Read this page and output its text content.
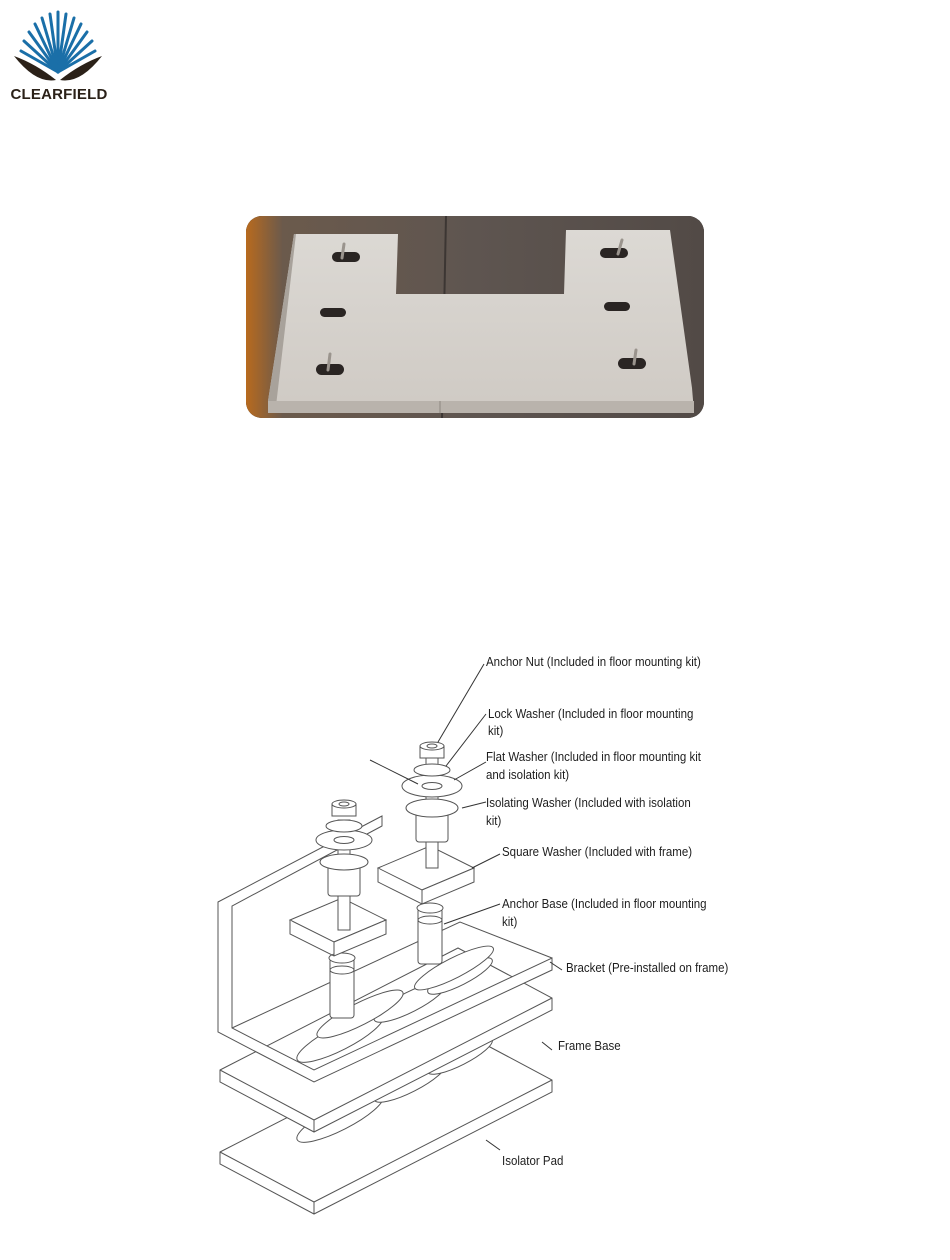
CLEARFIELD
Anchor Nut (Included in floor mounting kit)
Lock Washer (Included in floor mounting
kit)
Flat Washer (Included in floor mounting kit
and isolation kit)
Isolating Washer (Included with isolation
kit)
Square Washer (Included with frame)
Anchor Base (Included in floor mounting
kit)
Bracket (Pre-installed on frame)
Frame Base
Isolator Pad
